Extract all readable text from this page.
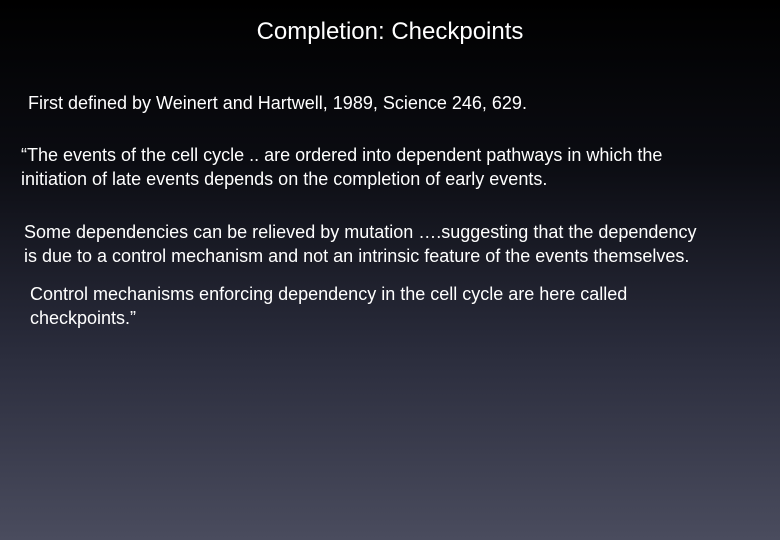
Completion: Checkpoints
First defined by Weinert and Hartwell, 1989, Science 246, 629.
“The events of the cell cycle .. are ordered into dependent pathways in which the
initiation of late events depends on the completion of early events.
Some dependencies can be relieved by mutation ….suggesting that the dependency
is due to a control mechanism and not an intrinsic feature of the events themselves.
Control mechanisms enforcing dependency in the cell cycle are here called
checkpoints.”
